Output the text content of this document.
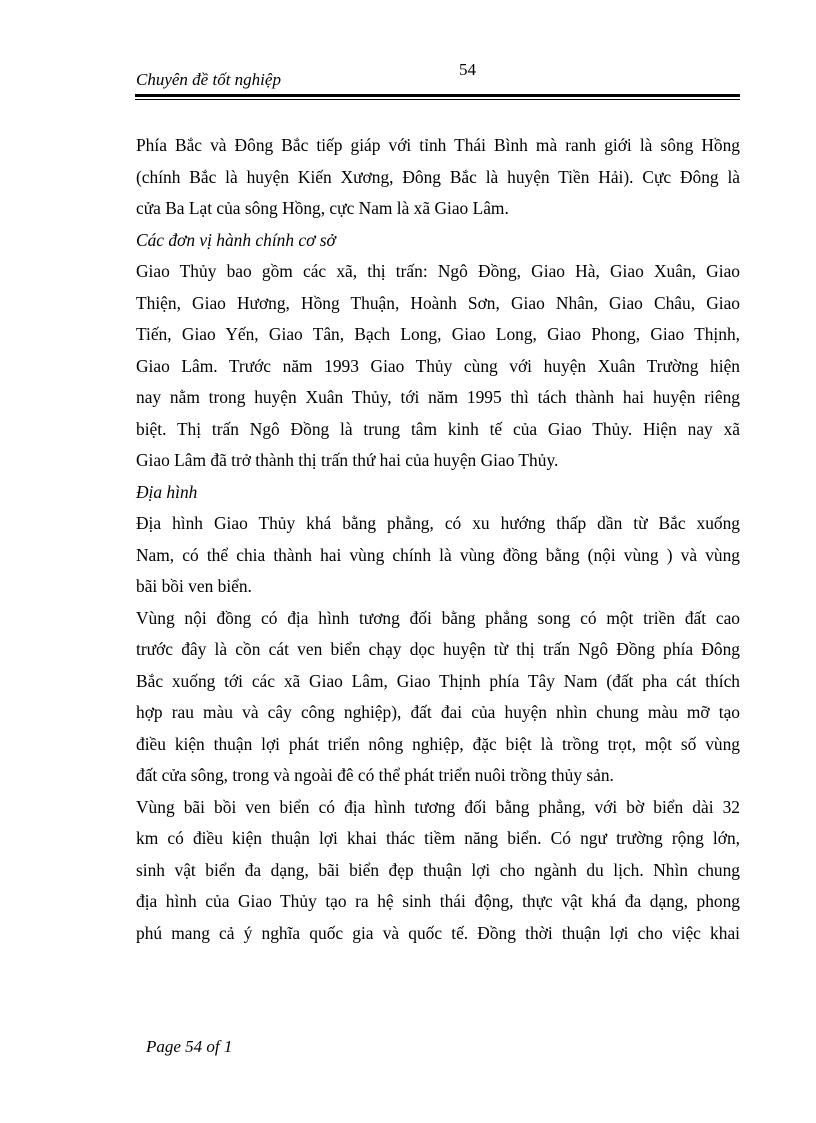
Chuyên đề tốt nghiệp
54
Phía Bắc và Đông Bắc tiếp giáp với tỉnh Thái Bình mà ranh giới là sông Hồng
(chính Bắc là huyện Kiến Xương, Đông Bắc là huyện Tiền Hải). Cực Đông là
cửa Ba Lạt của sông Hồng, cực Nam là xã Giao Lâm.
Các đơn vị hành chính cơ sở
Giao Thủy bao gồm các xã, thị trấn: Ngô Đồng, Giao Hà, Giao Xuân, Giao
Thiện, Giao Hương, Hồng Thuận, Hoành Sơn, Giao Nhân, Giao Châu, Giao
Tiến, Giao Yến, Giao Tân, Bạch Long, Giao Long, Giao Phong, Giao Thịnh,
Giao Lâm. Trước năm 1993 Giao Thủy cùng với huyện Xuân Trường hiện
nay nằm trong huyện Xuân Thủy, tới năm 1995 thì tách thành hai huyện riêng
biệt. Thị trấn Ngô Đồng là trung tâm kinh tế của Giao Thủy. Hiện nay xã
Giao Lâm đã trở thành thị trấn thứ hai của huyện Giao Thủy.
Địa hình
Địa hình Giao Thủy khá bằng phẳng, có xu hướng thấp dần từ Bắc xuống
Nam, có thể chia thành hai vùng chính là vùng đồng bằng (nội vùng ) và vùng
bãi bồi ven biển.
Vùng nội đồng có địa hình tương đối bằng phẳng song có một triền đất cao
trước đây là cồn cát ven biển chạy dọc huyện từ thị trấn Ngô Đồng phía Đông
Bắc xuống tới các xã Giao Lâm, Giao Thịnh phía Tây Nam (đất pha cát thích
hợp rau màu và cây công nghiệp), đất đai của huyện nhìn chung màu mỡ tạo
điều kiện thuận lợi phát triển nông nghiệp, đặc biệt là trồng trọt, một số vùng
đất cửa sông, trong và ngoài đê có thể phát triển nuôi trồng thủy sản.
Vùng bãi bồi ven biển có địa hình tương đối bằng phẳng, với bờ biển dài 32
km có điều kiện thuận lợi khai thác tiềm năng biển. Có ngư trường rộng lớn,
sinh vật biển đa dạng, bãi biển đẹp thuận lợi cho ngành du lịch. Nhìn chung
địa hình của Giao Thủy tạo ra hệ sinh thái động, thực vật khá đa dạng, phong
phú mang cả ý nghĩa quốc gia và quốc tế. Đồng thời thuận lợi cho việc khai
Page 54 of 1
